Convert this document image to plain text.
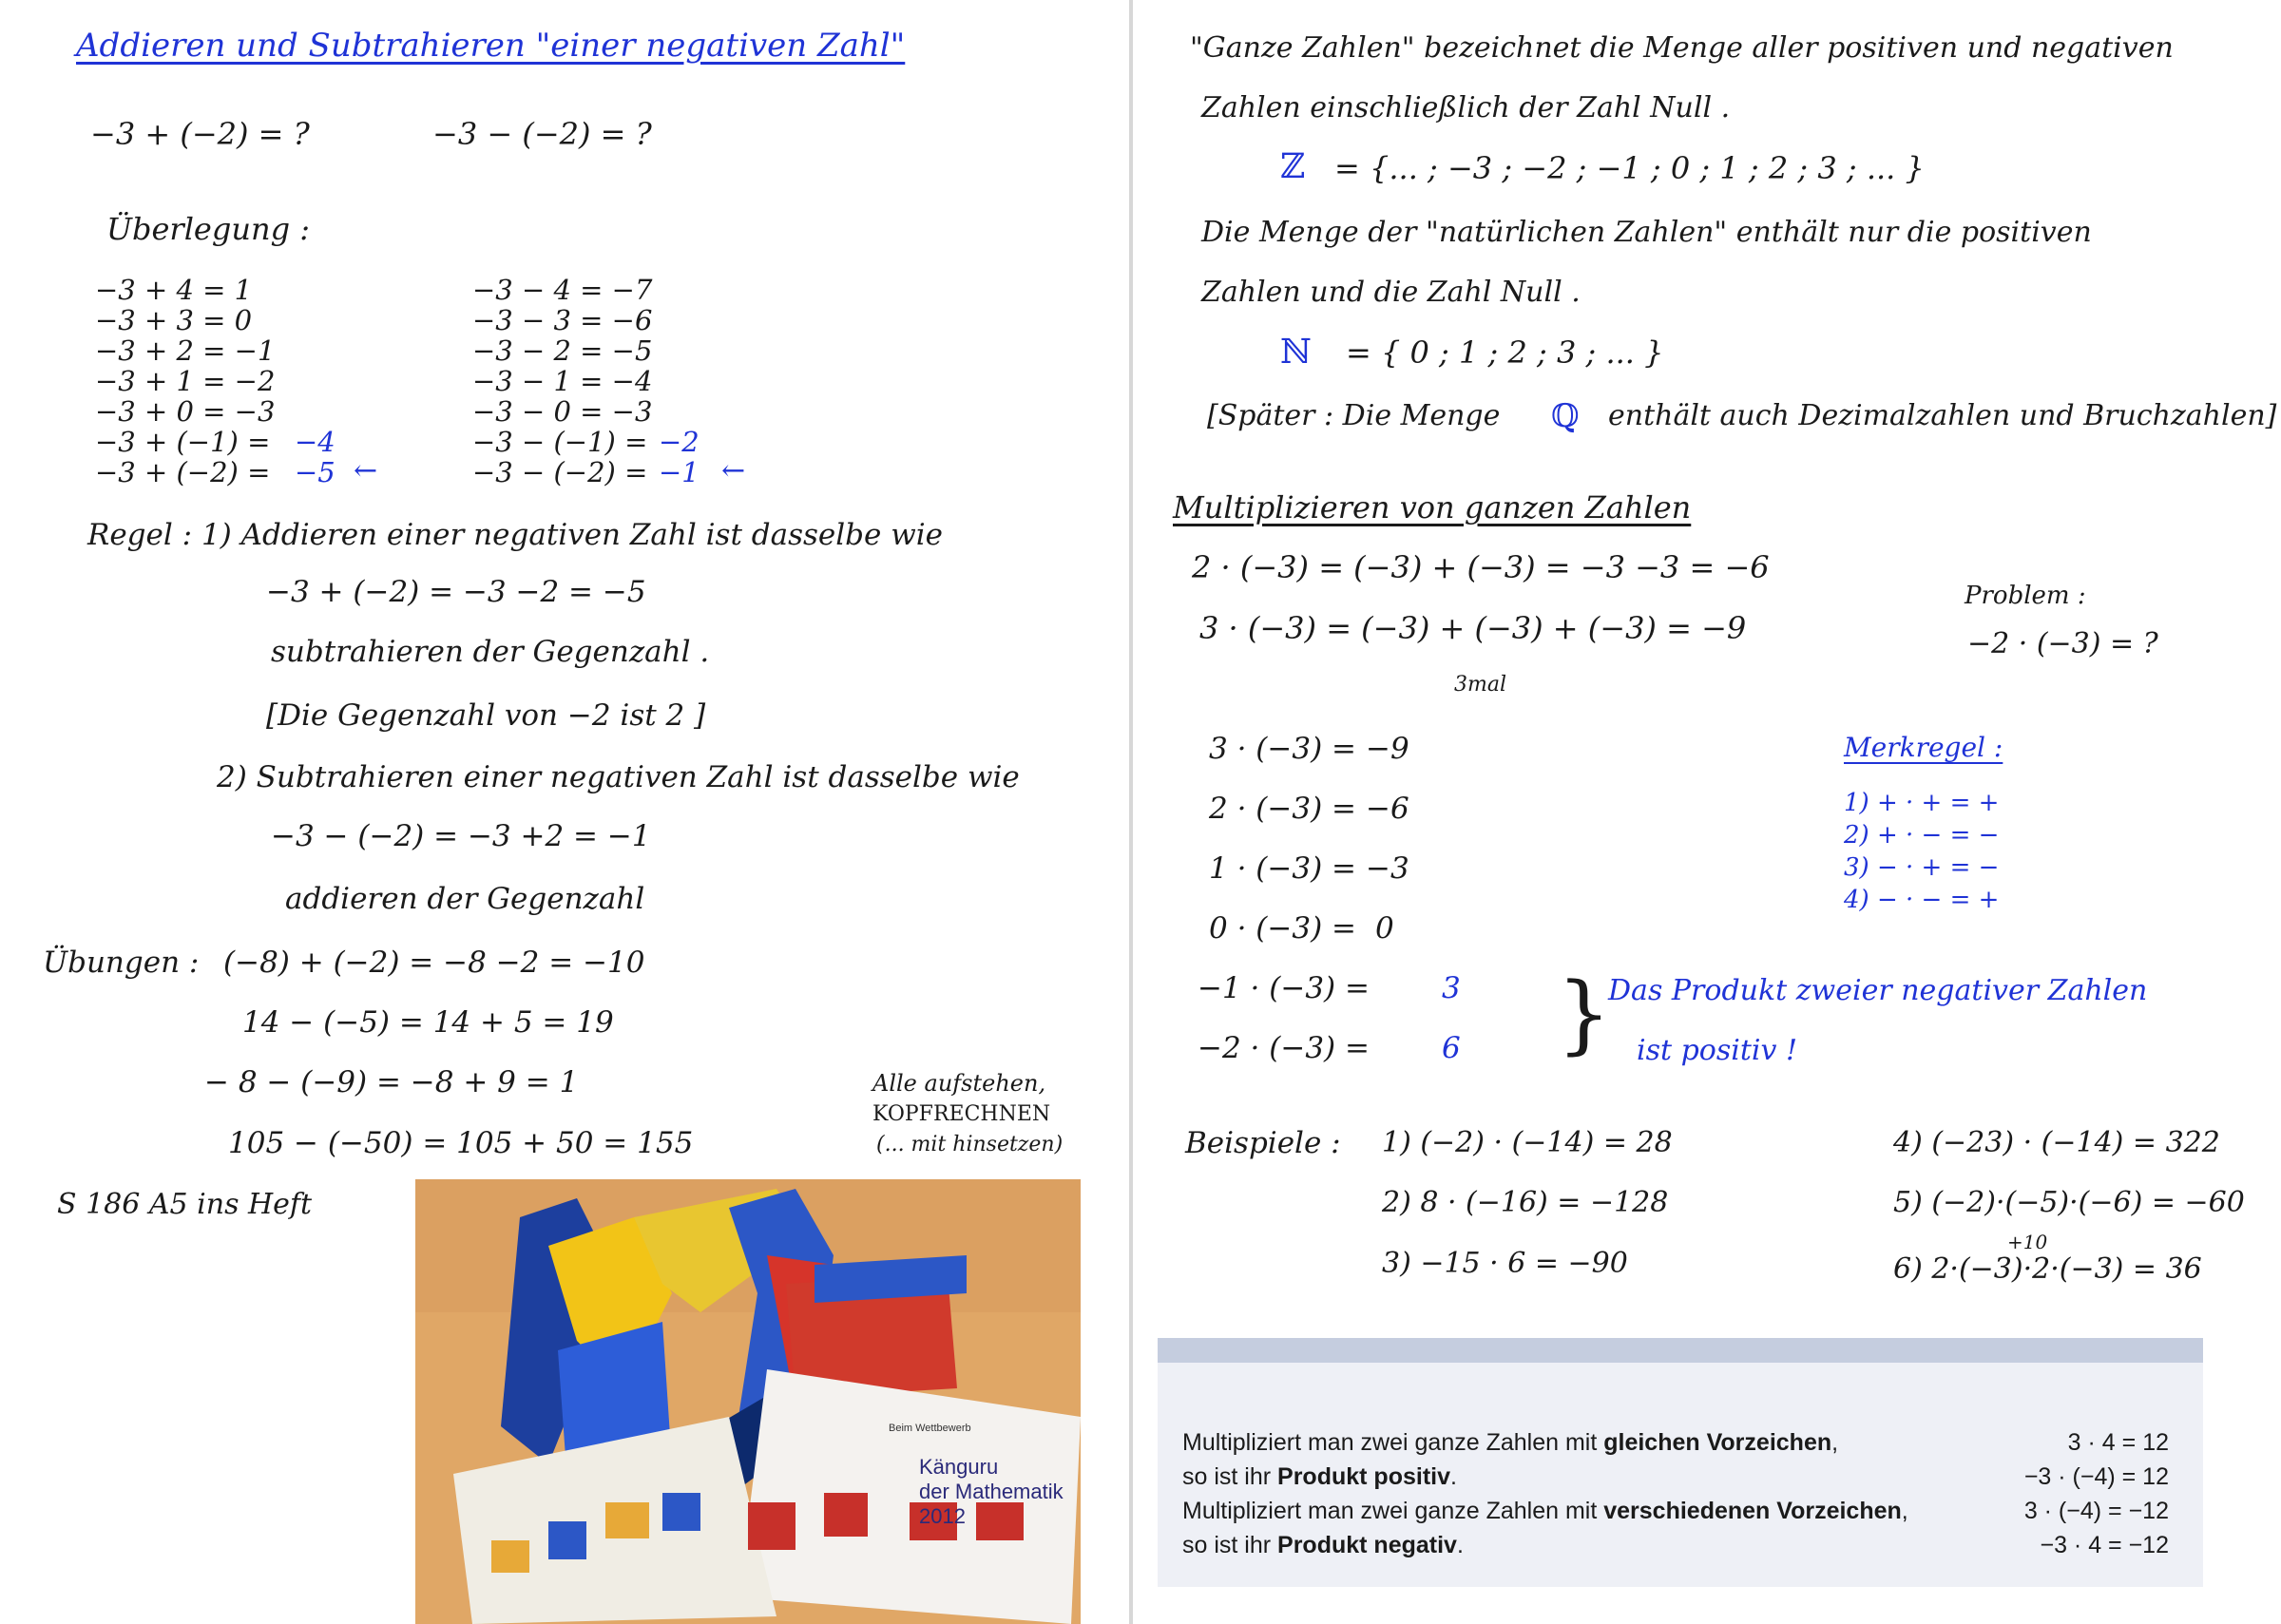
Addieren und Subtrahieren "einer negativen Zahl"
−3 + (−2) = ?	−3 − (−2) = ?
Überlegung :
−3 + 4 = 1
−3 + 3 = 0
−3 + 2 = −1
−3 + 1 = −2
−3 + 0 = −3
−3 + (−1) = −4
−3 + (−2) = −5 ←
−3 − 4 = −7
−3 − 3 = −6
−3 − 2 = −5
−3 − 1 = −4
−3 − 0 = −3
−3 − (−1) = −2
−3 − (−2) = −1 ←
Regel : 1) Addieren einer negativen Zahl ist dasselbe wie
−3 + (−2) = −3 −2 = −5
subtrahieren der Gegenzahl .
[Die Gegenzahl von −2 ist 2 ]
2) Subtrahieren einer negativen Zahl ist dasselbe wie
−3 − (−2) = −3 +2 = −1
addieren der Gegenzahl
Übungen : (−8) + (−2) = −8 −2 = −10
14 − (−5) = 14 + 5 = 19
− 8 − (−9) = −8 + 9 = 1
105 − (−50) = 105 + 50 = 155
Alle aufstehen,
KOPFRECHNEN
(... mit hinsetzen)
S 186 A5 ins Heft
Beim Wettbewerb
Känguru
der Mathematik
2012
"Ganze Zahlen" bezeichnet die Menge aller positiven und negativen
Zahlen einschließlich der Zahl Null .
ℤ = {... ; −3 ; −2 ; −1 ; 0 ; 1 ; 2 ; 3 ; ... }
Die Menge der "natürlichen Zahlen" enthält nur die positiven
Zahlen und die Zahl Null .
ℕ = { 0 ; 1 ; 2 ; 3 ; ... }
[Später : Die Menge ℚ enthält auch Dezimalzahlen und Bruchzahlen]
Multiplizieren von ganzen Zahlen
2 · (−3) = (−3) + (−3) = −3 −3 = −6
3 · (−3) = (−3) + (−3) + (−3) = −9
3mal
Problem :
−2 · (−3) = ?
3 · (−3) = −9
2 · (−3) = −6
1 · (−3) = −3
0 · (−3) = 0
−1 · (−3) = 3
−2 · (−3) = 6 }
Merkregel :
1) + · + = +
2) + · − = −
3) − · + = −
4) − · − = +
Das Produkt zweier negativer Zahlen
ist positiv !
Beispiele : 1) (−2) · (−14) = 28
2) 8 · (−16) = −128
3) −15 · 6 = −90
4) (−23) · (−14) = 322
5) (−2)·(−5)·(−6) = −60
+10
6) 2·(−3)·2·(−3) = 36
Multipliziert man zwei ganze Zahlen mit gleichen Vorzeichen,
so ist ihr Produkt positiv.
Multipliziert man zwei ganze Zahlen mit verschiedenen Vorzeichen,
so ist ihr Produkt negativ.
3 · 4 = 12
−3 · (−4) = 12
3 · (−4) = −12
−3 · 4 = −12
